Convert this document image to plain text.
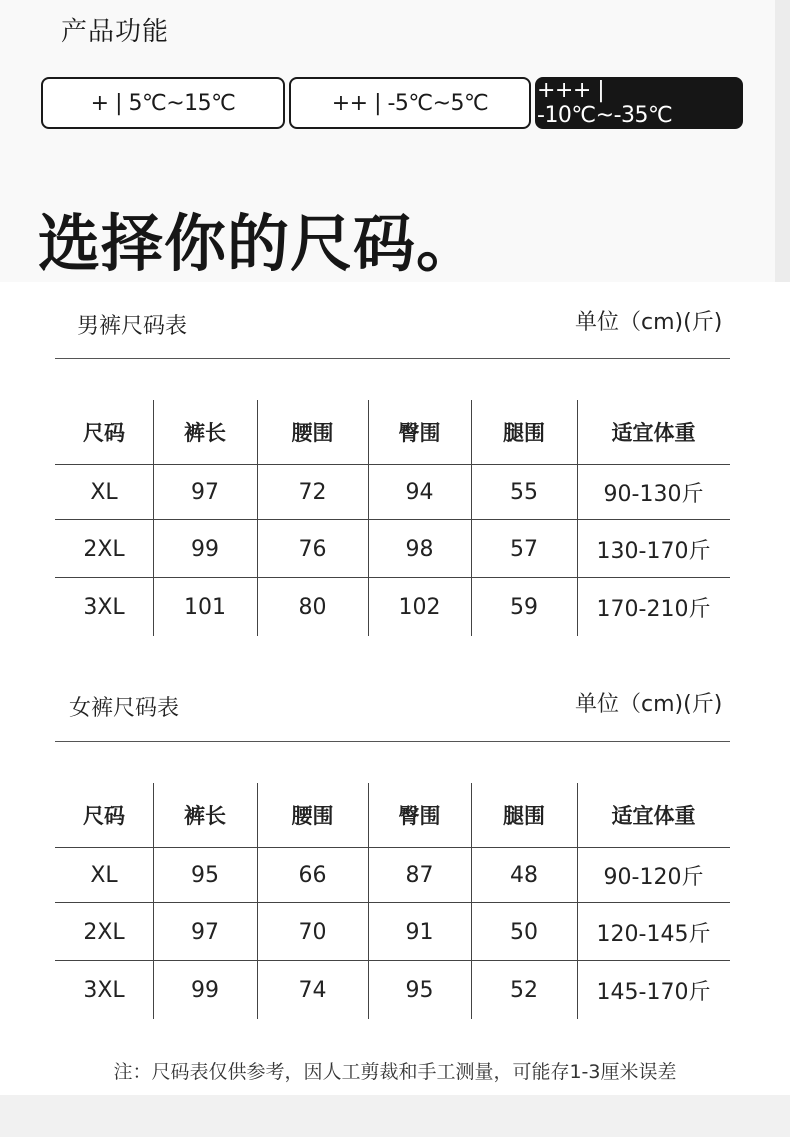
产品功能
+ | 5℃~15℃	++ | -5℃~5℃	+++ | -10℃~-35℃
选择你的尺码。
男裤尺码表	单位（cm)(斤)
尺码	裤长	腰围	臀围	腿围	适宜体重
XL	97	72	94	55	90-130斤
2XL	99	76	98	57	130-170斤
3XL	101	80	102	59	170-210斤
女裤尺码表	单位（cm)(斤)
尺码	裤长	腰围	臀围	腿围	适宜体重
XL	95	66	87	48	90-120斤
2XL	97	70	91	50	120-145斤
3XL	99	74	95	52	145-170斤
注：尺码表仅供参考，因人工剪裁和手工测量，可能存1-3厘米误差
